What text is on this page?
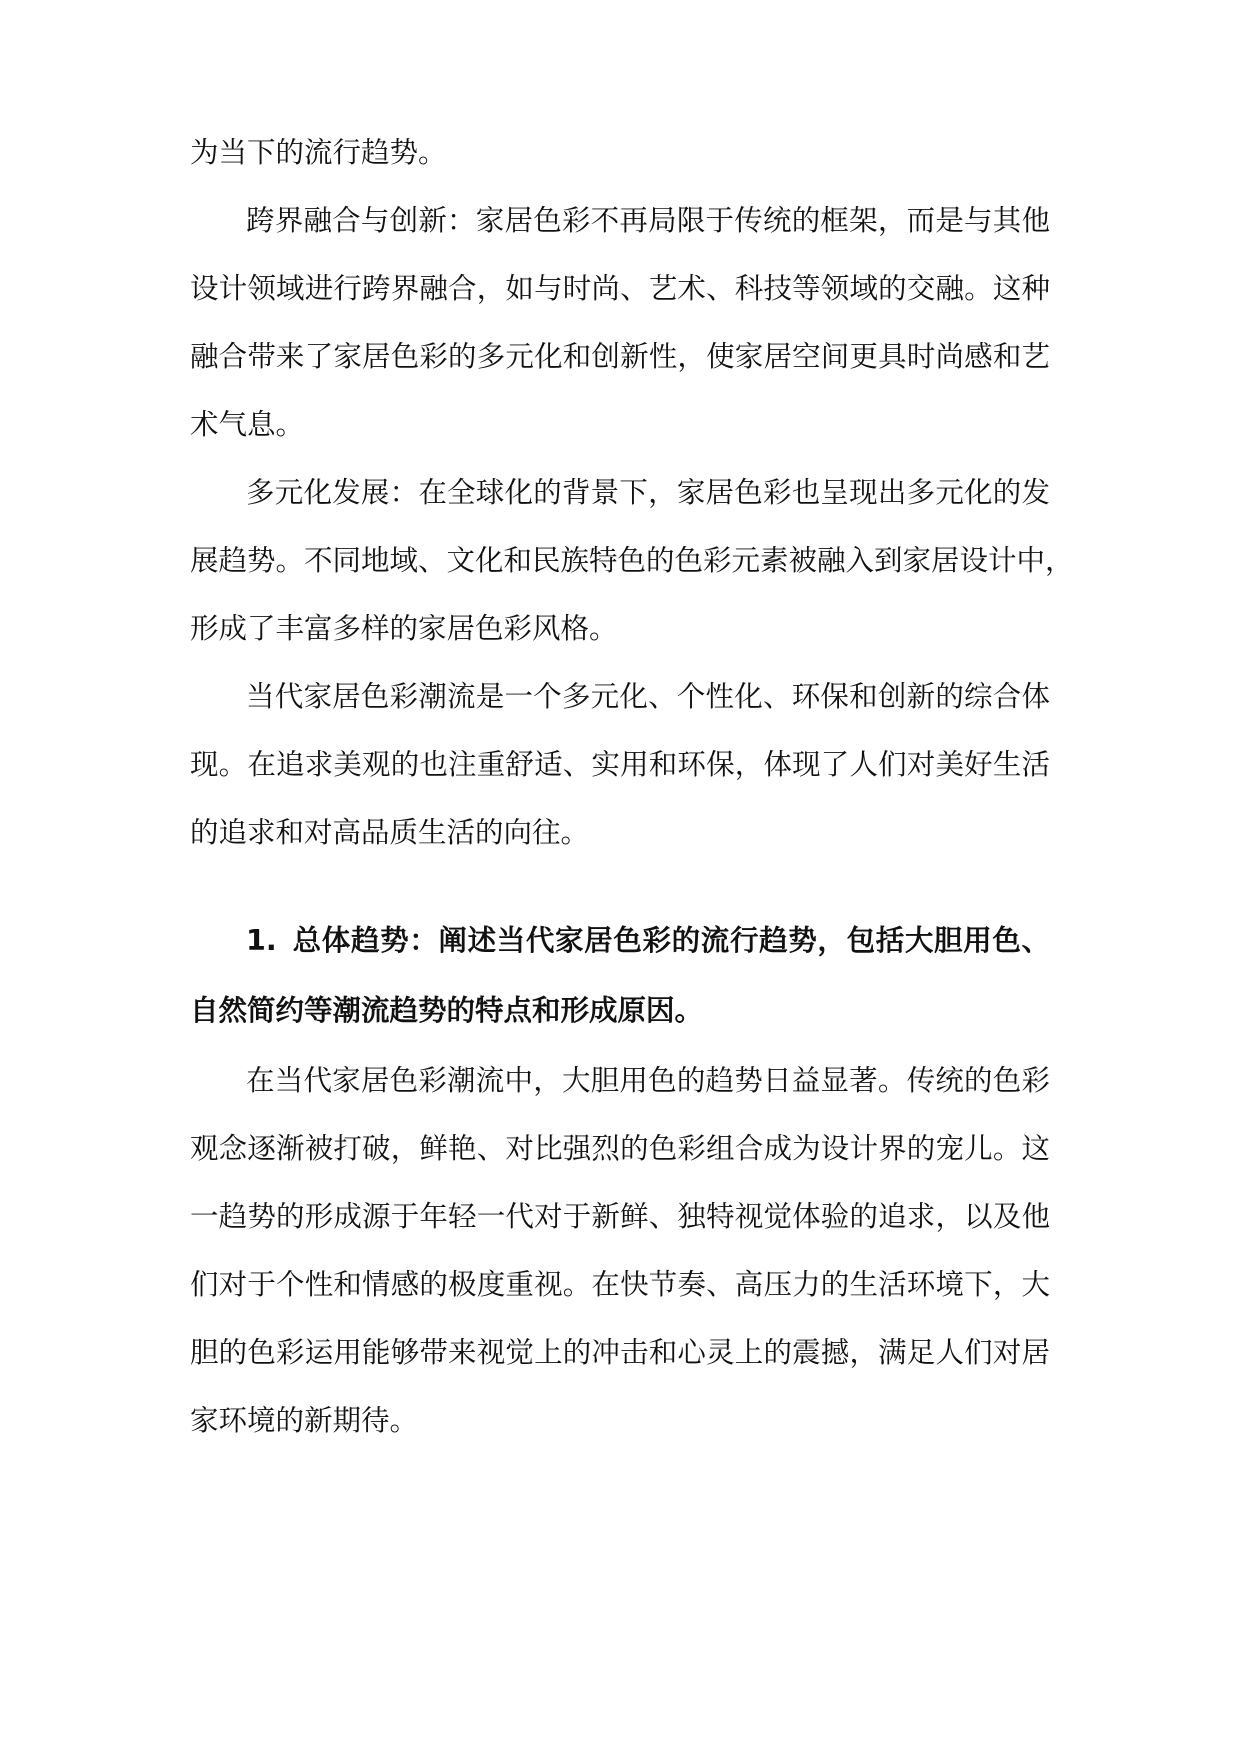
为当下的流行趋势。
跨界融合与创新：家居色彩不再局限于传统的框架，而是与其他
设计领域进行跨界融合，如与时尚、艺术、科技等领域的交融。这种
融合带来了家居色彩的多元化和创新性，使家居空间更具时尚感和艺
术气息。
多元化发展：在全球化的背景下，家居色彩也呈现出多元化的发
展趋势。不同地域、文化和民族特色的色彩元素被融入到家居设计中，
形成了丰富多样的家居色彩风格。
当代家居色彩潮流是一个多元化、个性化、环保和创新的综合体
现。在追求美观的也注重舒适、实用和环保，体现了人们对美好生活
的追求和对高品质生活的向往。
1. 总体趋势：阐述当代家居色彩的流行趋势，包括大胆用色、
自然简约等潮流趋势的特点和形成原因。
在当代家居色彩潮流中，大胆用色的趋势日益显著。传统的色彩
观念逐渐被打破，鲜艳、对比强烈的色彩组合成为设计界的宠儿。这
一趋势的形成源于年轻一代对于新鲜、独特视觉体验的追求，以及他
们对于个性和情感的极度重视。在快节奏、高压力的生活环境下，大
胆的色彩运用能够带来视觉上的冲击和心灵上的震撼，满足人们对居
家环境的新期待。
